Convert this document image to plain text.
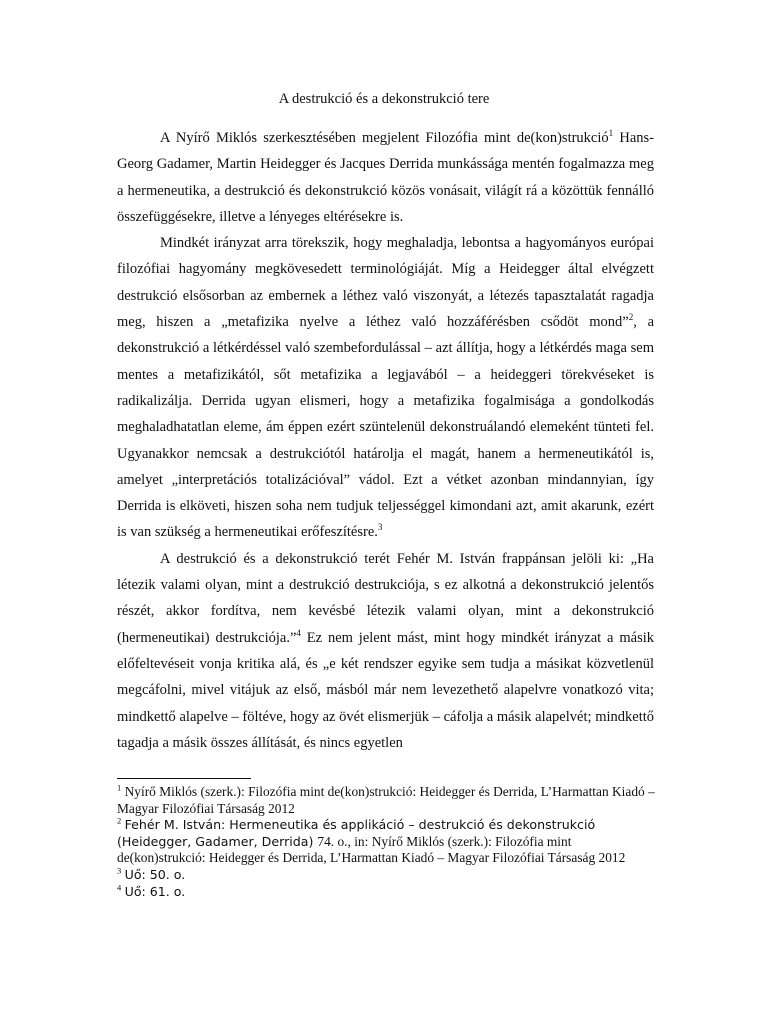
A destrukció és a dekonstrukció tere

A Nyírő Miklós szerkesztésében megjelent Filozófia mint de(kon)strukció$^1$ Hans-Georg Gadamer, Martin Heidegger és Jacques Derrida munkássága mentén fogalmazza meg a hermeneutika, a destrukció és dekonstrukció közös vonásait, világít rá a közöttük fennálló összefüggésekre, illetve a lényeges eltérésekre is.

Mindkét irányzat arra törekszik, hogy meghaladja, lebontsa a hagyományos európai filozófiai hagyomány megkövesedett terminológiáját. Míg a Heidegger által elvégzett destrukció elsősorban az embernek a léthez való viszonyát, a létezés tapasztalatát ragadja meg, hiszen a „metafizika nyelve a léthez való hozzáférésben csődöt mond”$^2$, a dekonstrukció a létkérdéssel való szembefordulással – azt állítja, hogy a létkérdés maga sem mentes a metafizikától, sőt metafizika a legjavából – a heideggeri törekvéseket is radikalizálja. Derrida ugyan elismeri, hogy a metafizika fogalmisága a gondolkodás meghaladhatatlan eleme, ám éppen ezért szüntelenül dekonstruálandó elemeként tünteti fel. Ugyanakkor nemcsak a destrukciótól határolja el magát, hanem a hermeneutikától is, amelyet „interpretációs totalizációval” vádol. Ezt a vétket azonban mindannyian, így Derrida is elköveti, hiszen soha nem tudjuk teljességgel kimondani azt, amit akarunk, ezért is van szükség a hermeneutikai erőfeszítésre.$^3$

A destrukció és a dekonstrukció terét Fehér M. István frappánsan jelöli ki: „Ha létezik valami olyan, mint a destrukció destrukciója, s ez alkotná a dekonstrukció jelentős részét, akkor fordítva, nem kevésbé létezik valami olyan, mint a dekonstrukció (hermeneutikai) destrukciója.”$^4$ Ez nem jelent mást, mint hogy mindkét irányzat a másik előfeltevéseit vonja kritika alá, és „e két rendszer egyike sem tudja a másikat közvetlenül megcáfolni, mivel vitájuk az első, másból már nem levezethető alapelvre vonatkozó vita; mindkettő alapelve – föltéve, hogy az övét elismerjük – cáfolja a másik alapelvét; mindkettő tagadja a másik összes állítását, és nincs egyetlen

$^1$ Nyírő Miklós (szerk.): Filozófia mint de(kon)strukció: Heidegger és Derrida, L’Harmattan Kiadó – Magyar Filozófiai Társaság 2012

$^2$ Fehér M. István: Hermeneutika és applikáció – destrukció és dekonstrukció (Heidegger, Gadamer, Derrida) 74. o., in: Nyírő Miklós (szerk.): Filozófia mint de(kon)strukció: Heidegger és Derrida, L’Harmattan Kiadó – Magyar Filozófiai Társaság 2012

$^3$ Uő: 50. o.

$^4$ Uő: 61. o.
